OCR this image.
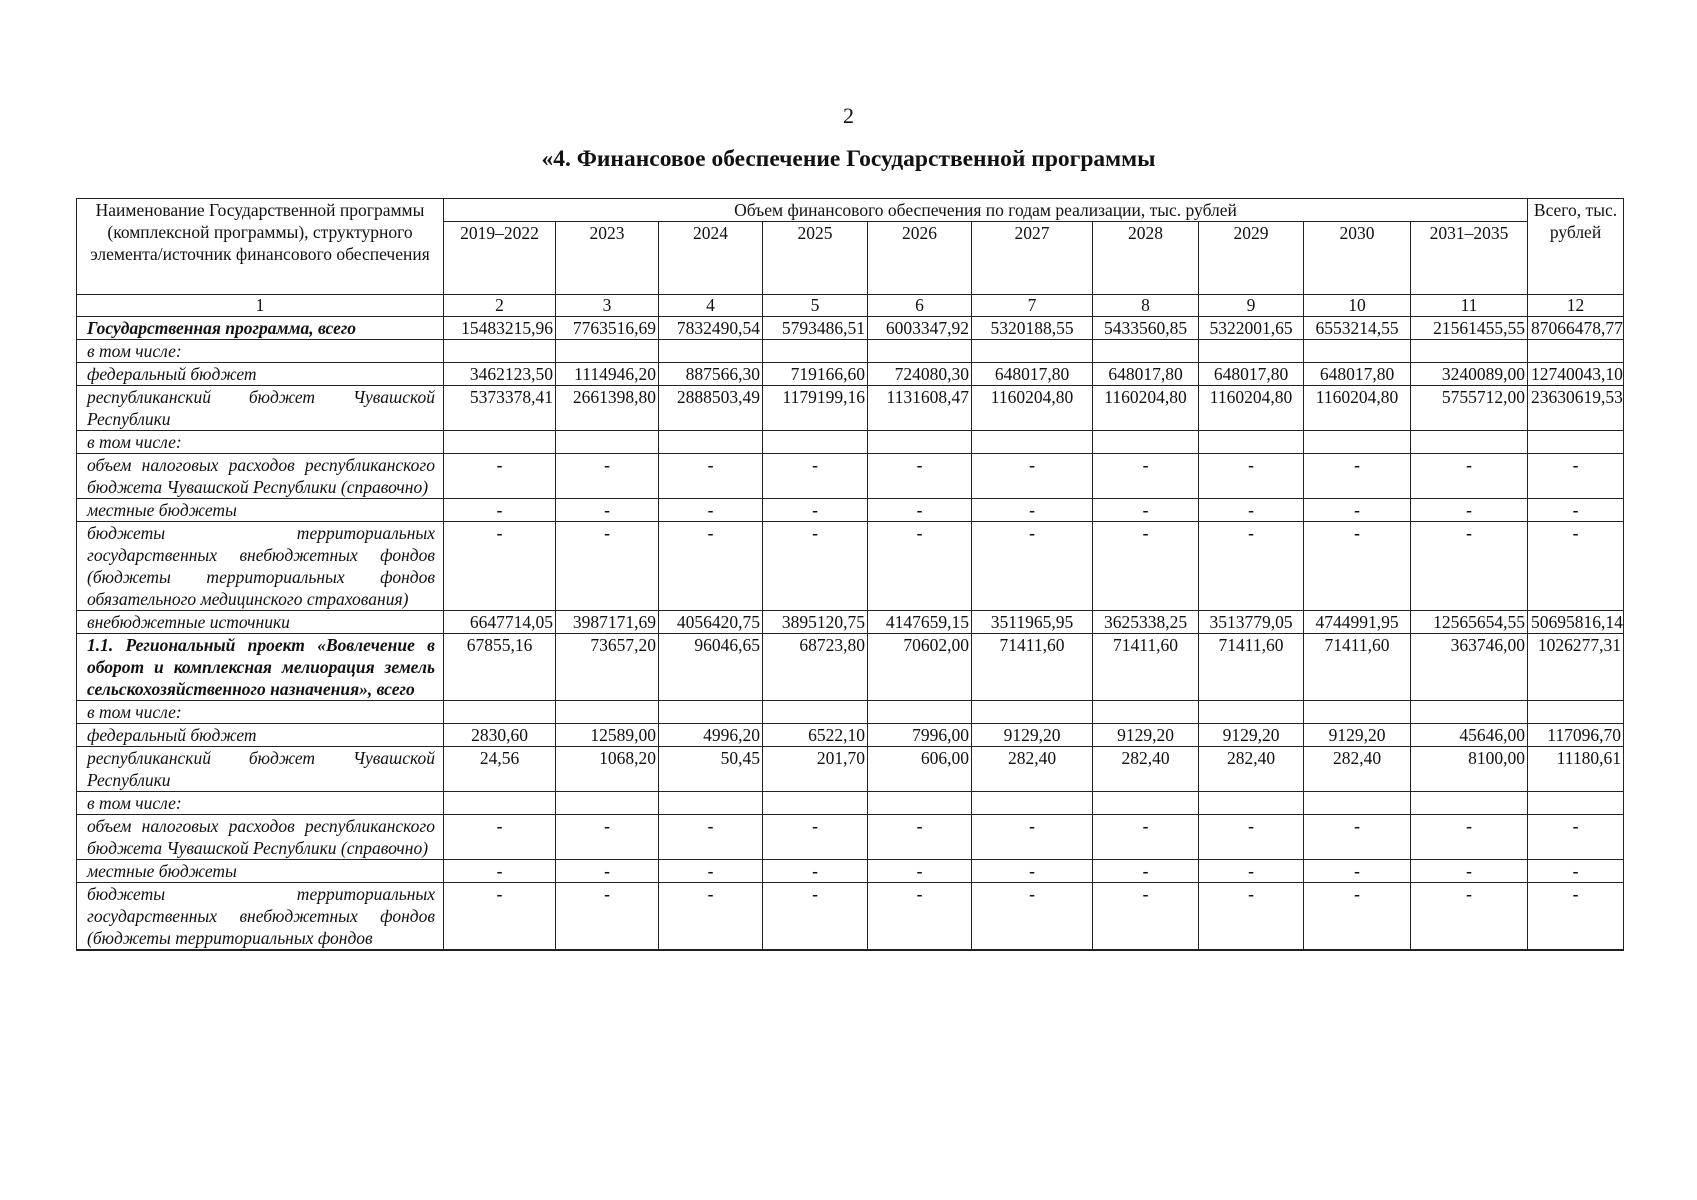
2
«4. Финансовое обеспечение Государственной программы
Наименование Государственной программы (комплексной программы), структурного элемента/источник финансового обеспечения	Объем финансового обеспечения по годам реализации, тыс. рублей										Всего, тыс. рублей
	2019–2022	2023	2024	2025	2026	2027	2028	2029	2030	2031–2035	
1	2	3	4	5	6	7	8	9	10	11	12
Государственная программа, всего	15483215,96	7763516,69	7832490,54	5793486,51	6003347,92	5320188,55	5433560,85	5322001,65	6553214,55	21561455,55	87066478,77
в том числе:											
федеральный бюджет	3462123,50	1114946,20	887566,30	719166,60	724080,30	648017,80	648017,80	648017,80	648017,80	3240089,00	12740043,10
республиканский бюджет Чувашской Республики	5373378,41	2661398,80	2888503,49	1179199,16	1131608,47	1160204,80	1160204,80	1160204,80	1160204,80	5755712,00	23630619,53
в том числе:											
объем налоговых расходов республиканского бюджета Чувашской Республики (справочно)	-	-	-	-	-	-	-	-	-	-	-
местные бюджеты	-	-	-	-	-	-	-	-	-	-	-
бюджеты территориальных государственных внебюджетных фондов (бюджеты территориальных фондов обязательного медицинского страхования)	-	-	-	-	-	-	-	-	-	-	-
внебюджетные источники	6647714,05	3987171,69	4056420,75	3895120,75	4147659,15	3511965,95	3625338,25	3513779,05	4744991,95	12565654,55	50695816,14
1.1. Региональный проект «Вовлечение в оборот и комплексная мелиорация земель сельскохозяйственного назначения», всего	67855,16	73657,20	96046,65	68723,80	70602,00	71411,60	71411,60	71411,60	71411,60	363746,00	1026277,31
в том числе:											
федеральный бюджет	2830,60	12589,00	4996,20	6522,10	7996,00	9129,20	9129,20	9129,20	9129,20	45646,00	117096,70
республиканский бюджет Чувашской Республики	24,56	1068,20	50,45	201,70	606,00	282,40	282,40	282,40	282,40	8100,00	11180,61
в том числе:											
объем налоговых расходов республиканского бюджета Чувашской Республики (справочно)	-	-	-	-	-	-	-	-	-	-	-
местные бюджеты	-	-	-	-	-	-	-	-	-	-	-
бюджеты территориальных государственных внебюджетных фондов (бюджеты территориальных фондов	-	-	-	-	-	-	-	-	-	-	-
